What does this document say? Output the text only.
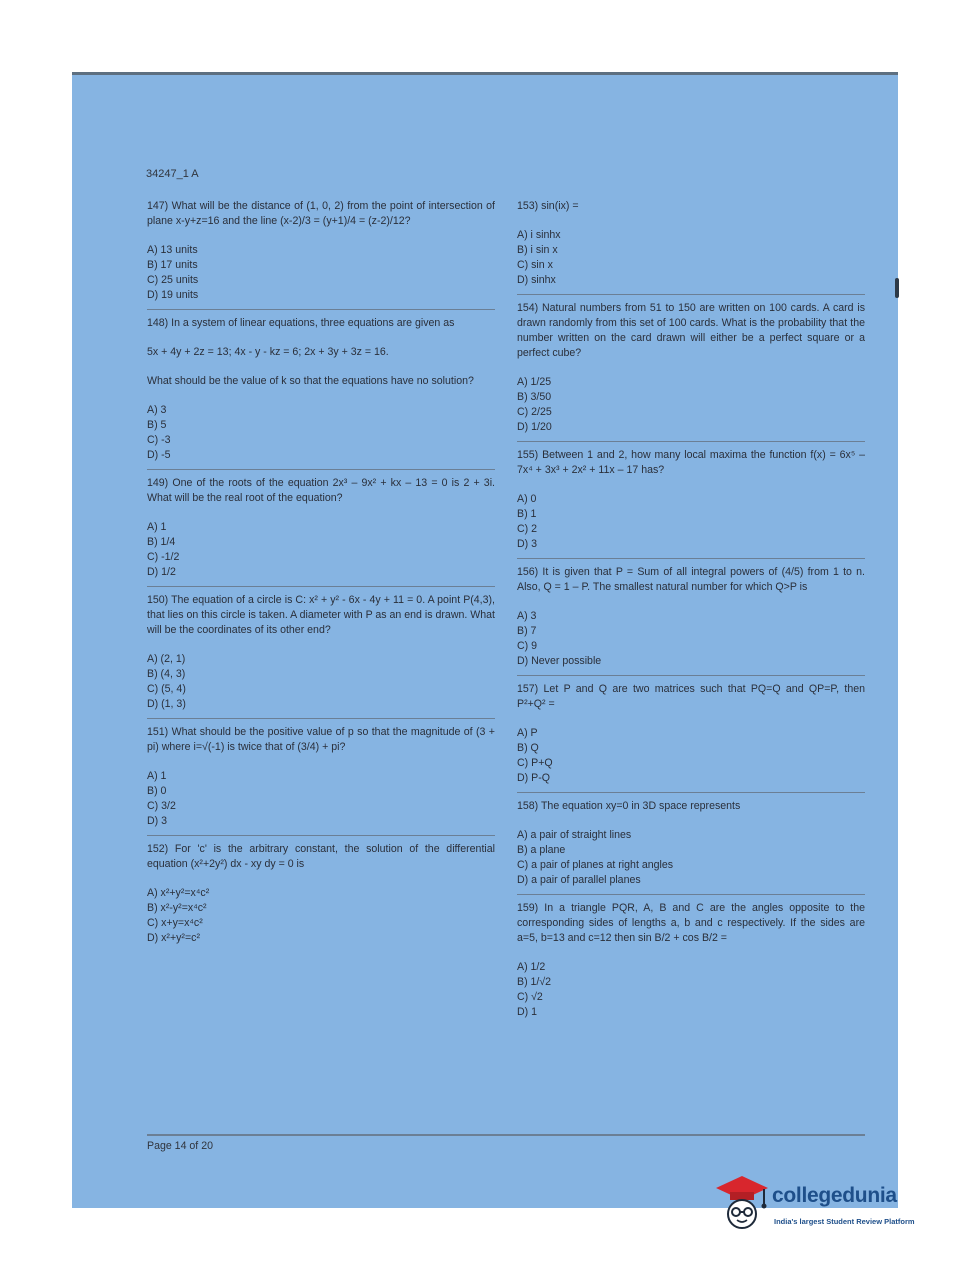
34247_1 A

147) What will be the distance of (1, 0, 2) from the point of intersection of plane x-y+z=16 and the line (x-2)/3 = (y+1)/4 = (z-2)/12?

A) 13 units
B) 17 units
C) 25 units
D) 19 units

148) In a system of linear equations, three equations are given as

5x + 4y + 2z = 13; 4x - y - kz = 6; 2x + 3y + 3z = 16.

What should be the value of k so that the equations have no solution?

A) 3
B) 5
C) -3
D) -5

149) One of the roots of the equation 2x³ – 9x² + kx – 13 = 0 is 2 + 3i. What will be the real root of the equation?

A) 1
B) 1/4
C) -1/2
D) 1/2

150) The equation of a circle is C: x² + y² - 6x - 4y + 11 = 0. A point P(4,3), that lies on this circle is taken. A diameter with P as an end is drawn. What will be the coordinates of its other end?

A) (2, 1)
B) (4, 3)
C) (5, 4)
D) (1, 3)

151) What should be the positive value of p so that the magnitude of (3 + pi) where i=√(-1) is twice that of (3/4) + pi?

A) 1
B) 0
C) 3/2
D) 3

152) For 'c' is the arbitrary constant, the solution of the differential equation (x²+2y²) dx - xy dy = 0 is

A) x²+y²=x⁴c²
B) x²-y²=x⁴c²
C) x+y=x⁴c²
D) x²+y²=c²

153) sin(ix) =

A) i sinhx
B) i sin x
C) sin x
D) sinhx

154) Natural numbers from 51 to 150 are written on 100 cards. A card is drawn randomly from this set of 100 cards. What is the probability that the number written on the card drawn will either be a perfect square or a perfect cube?

A) 1/25
B) 3/50
C) 2/25
D) 1/20

155) Between 1 and 2, how many local maxima the function f(x) = 6x⁵ – 7x⁴ + 3x³ + 2x² + 11x – 17 has?

A) 0
B) 1
C) 2
D) 3

156) It is given that P = Sum of all integral powers of (4/5) from 1 to n. Also, Q = 1 – P. The smallest natural number for which Q>P is

A) 3
B) 7
C) 9
D) Never possible

157) Let P and Q are two matrices such that PQ=Q and QP=P, then P²+Q² =

A) P
B) Q
C) P+Q
D) P-Q

158) The equation xy=0 in 3D space represents

A) a pair of straight lines
B) a plane
C) a pair of planes at right angles
D) a pair of parallel planes

159) In a triangle PQR, A, B and C are the angles opposite to the corresponding sides of lengths a, b and c respectively. If the sides are a=5, b=13 and c=12 then sin B/2 + cos B/2 =

A) 1/2
B) 1/√2
C) √2
D) 1
Page 14 of 20
collegedunia
India's largest Student Review Platform
